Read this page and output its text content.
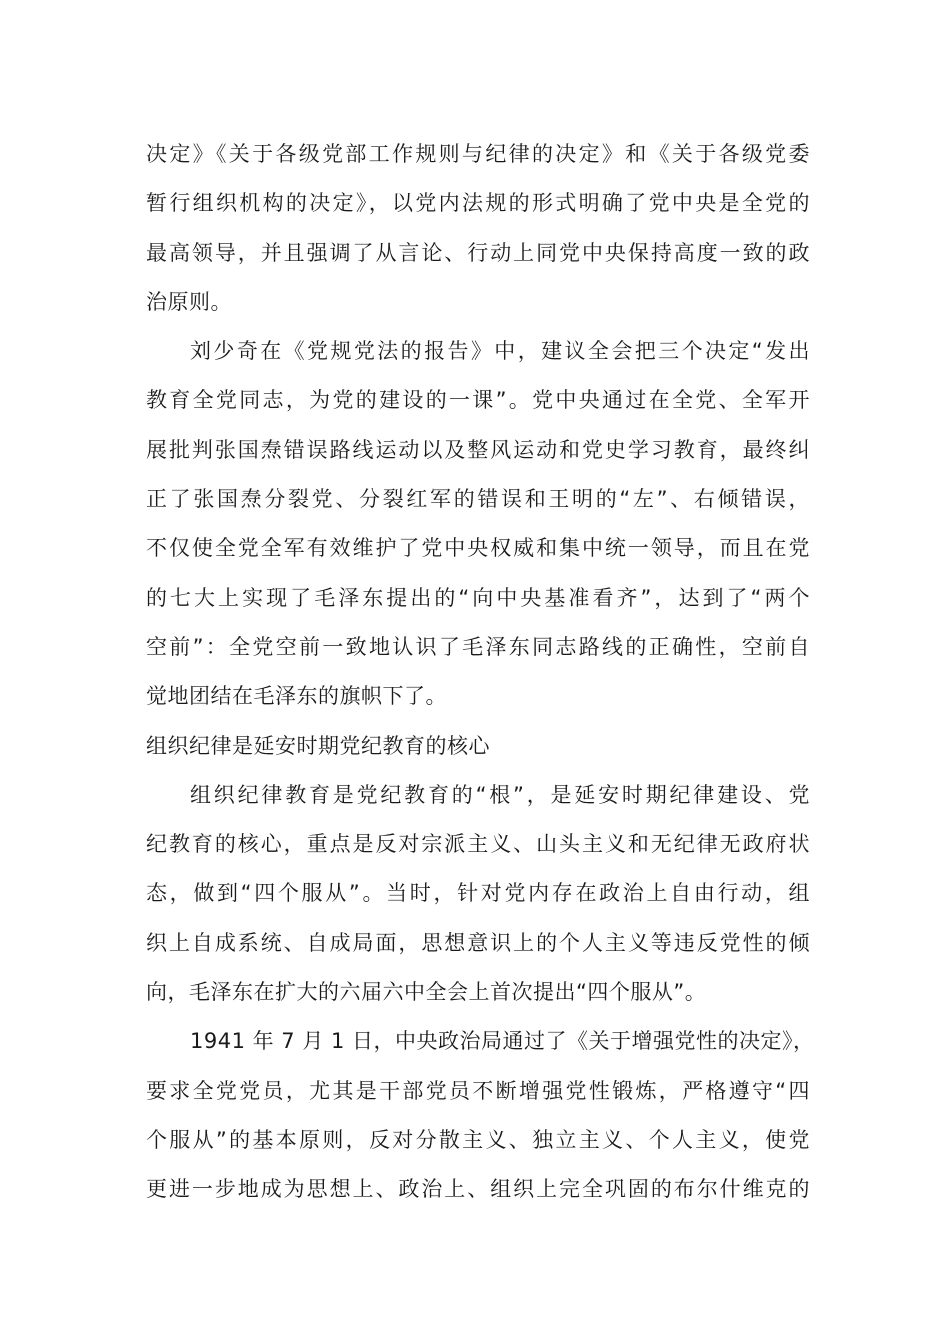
决定》《关于各级党部工作规则与纪律的决定》和《关于各级党委
暂行组织机构的决定》，以党内法规的形式明确了党中央是全党的
最高领导，并且强调了从言论、行动上同党中央保持高度一致的政
治原则。
刘少奇在《党规党法的报告》中，建议全会把三个决定“发出
教育全党同志，为党的建设的一课”。党中央通过在全党、全军开
展批判张国焘错误路线运动以及整风运动和党史学习教育，最终纠
正了张国焘分裂党、分裂红军的错误和王明的“左”、右倾错误，
不仅使全党全军有效维护了党中央权威和集中统一领导，而且在党
的七大上实现了毛泽东提出的“向中央基准看齐”，达到了“两个
空前”：全党空前一致地认识了毛泽东同志路线的正确性，空前自
觉地团结在毛泽东的旗帜下了。
组织纪律是延安时期党纪教育的核心
组织纪律教育是党纪教育的“根”，是延安时期纪律建设、党
纪教育的核心，重点是反对宗派主义、山头主义和无纪律无政府状
态，做到“四个服从”。当时，针对党内存在政治上自由行动，组
织上自成系统、自成局面，思想意识上的个人主义等违反党性的倾
向，毛泽东在扩大的六届六中全会上首次提出“四个服从”。
1941 年 7 月 1 日，中央政治局通过了《关于增强党性的决定》，
要求全党党员，尤其是干部党员不断增强党性锻炼，严格遵守“四
个服从”的基本原则，反对分散主义、独立主义、个人主义，使党
更进一步地成为思想上、政治上、组织上完全巩固的布尔什维克的
